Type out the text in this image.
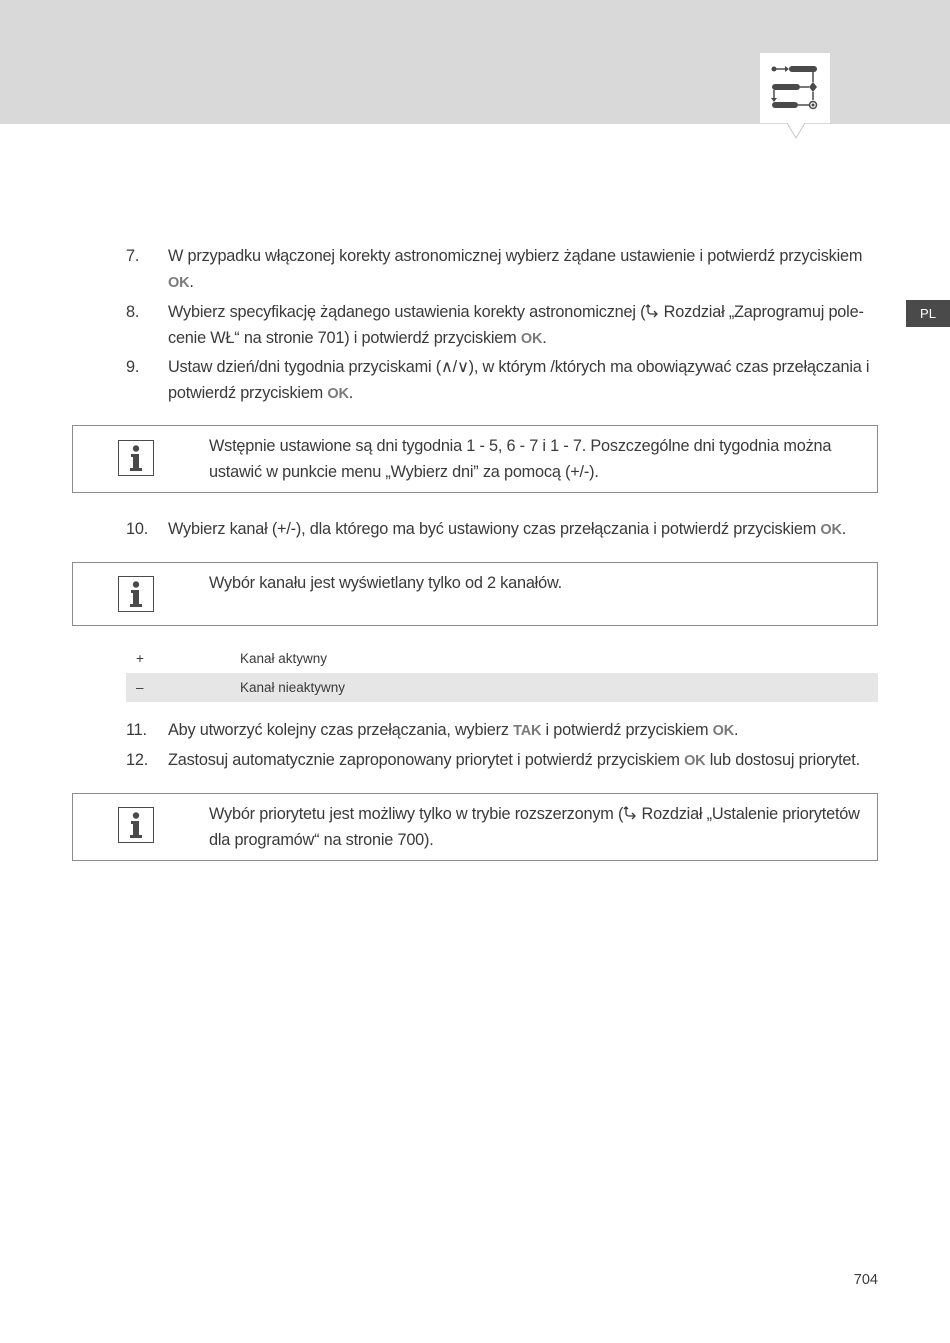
PL
7. W przypadku włączonej korekty astronomicznej wybierz żądane ustawienie i potwierdź przyciskiem OK.
8. Wybierz specyfikację żądanego ustawienia korekty astronomicznej ( Rozdział „Zaprogramuj pole-cenie WŁ“ na stronie 701) i potwierdź przyciskiem OK.
9. Ustaw dzień/dni tygodnia przyciskami (∧/∨), w którym /których ma obowiązywać czas przełączania i potwierdź przyciskiem OK.
Wstępnie ustawione są dni tygodnia 1 - 5, 6 - 7 i 1 - 7. Poszczególne dni tygodnia można ustawić w punkcie menu „Wybierz dni” za pomocą (+/-).
10. Wybierz kanał (+/-), dla którego ma być ustawiony czas przełączania i potwierdź przyciskiem OK.
Wybór kanału jest wyświetlany tylko od 2 kanałów.
+	Kanał aktywny
–	Kanał nieaktywny
11. Aby utworzyć kolejny czas przełączania, wybierz TAK i potwierdź przyciskiem OK.
12. Zastosuj automatycznie zaproponowany priorytet i potwierdź przyciskiem OK lub dostosuj priorytet.
Wybór priorytetu jest możliwy tylko w trybie rozszerzonym ( Rozdział „Ustalenie priorytetów dla programów“ na stronie 700).
704
